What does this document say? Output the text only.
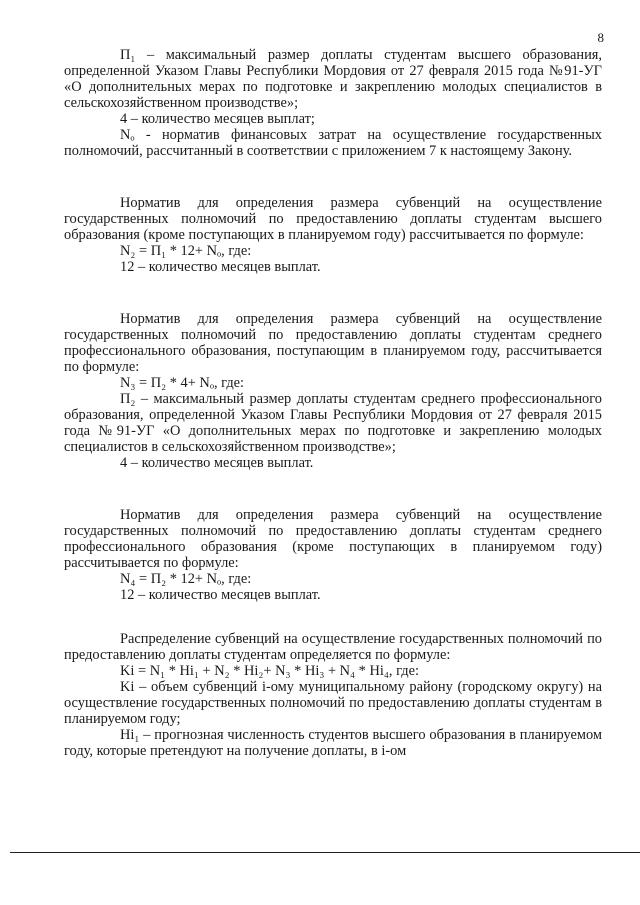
8

П₁ – максимальный размер доплаты студентам высшего образования, определенной Указом Главы Республики Мордовия от 27 февраля 2015 года №91-УГ «О дополнительных мерах по подготовке и закреплению молодых специалистов в сельскохозяйственном производстве»;

4 – количество месяцев выплат;

Nₒ - норматив финансовых затрат на осуществление государственных полномочий, рассчитанный в соответствии с приложением 7 к настоящему Закону.

Норматив для определения размера субвенций на осуществление государственных полномочий по предоставлению доплаты студентам высшего образования (кроме поступающих в планируемом году) рассчитывается по формуле:

N₂ = П₁ * 12+ Nₒ, где:

12 – количество месяцев выплат.

Норматив для определения размера субвенций на осуществление государственных полномочий по предоставлению доплаты студентам среднего профессионального образования, поступающим в планируемом году, рассчитывается по формуле:

N₃ = П₂ * 4+ Nₒ, где:

П₂ – максимальный размер доплаты студентам среднего профессионального образования, определенной Указом Главы Республики Мордовия от 27 февраля 2015 года №91-УГ «О дополнительных мерах по подготовке и закреплению молодых специалистов в сельскохозяйственном производстве»;

4 – количество месяцев выплат.

Норматив для определения размера субвенций на осуществление государственных полномочий по предоставлению доплаты студентам среднего профессионального образования (кроме поступающих в планируемом году) рассчитывается по формуле:

N₄ = П₂ * 12+ Nₒ, где:

12 – количество месяцев выплат.

Распределение субвенций на осуществление государственных полномочий по предоставлению доплаты студентам определяется по формуле:

Ki = N₁ * Hi₁ + N₂ * Hi₂+ N₃ * Hi₃ + N₄ * Hi₄, где:

Ki – объем субвенций i-ому муниципальному району (городскому округу) на осуществление государственных полномочий по предоставлению доплаты студентам в планируемом году;

Hi₁ – прогнозная численность студентов высшего образования в планируемом году, которые претендуют на получение доплаты, в i-ом
